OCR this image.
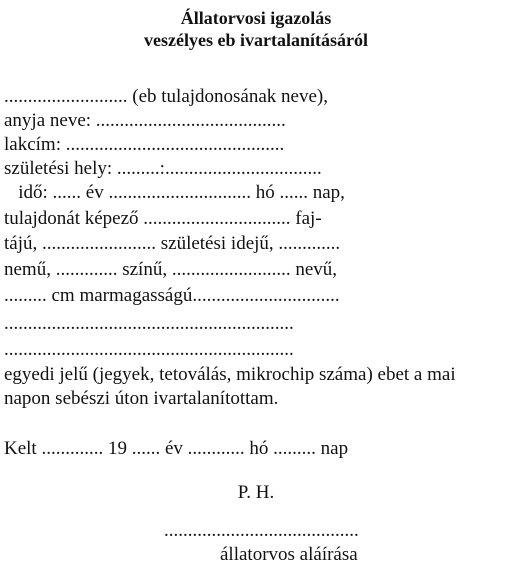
Állatorvosi igazolás
veszélyes eb ivartalanításáról
.......................... (eb tulajdonosának neve),
anyja neve: ........................................
lakcím: ..............................................
születési hely: .........:.................................
idő: ...... év .............................. hó ...... nap,
tulajdonát képező ............................... faj-
tájú, ........................ születési idejű, .............
nemű, ............. színű, ......................... nevű,
......... cm marmagasságú...............................
.............................................................
.............................................................
egyedi jelű (jegyek, tetoválás, mikrochip száma) ebet a mai
napon sebészi úton ivartalanítottam.
Kelt ............. 19 ...... év ............ hó ......... nap
P. H.
.........................................
állatorvos aláírása
